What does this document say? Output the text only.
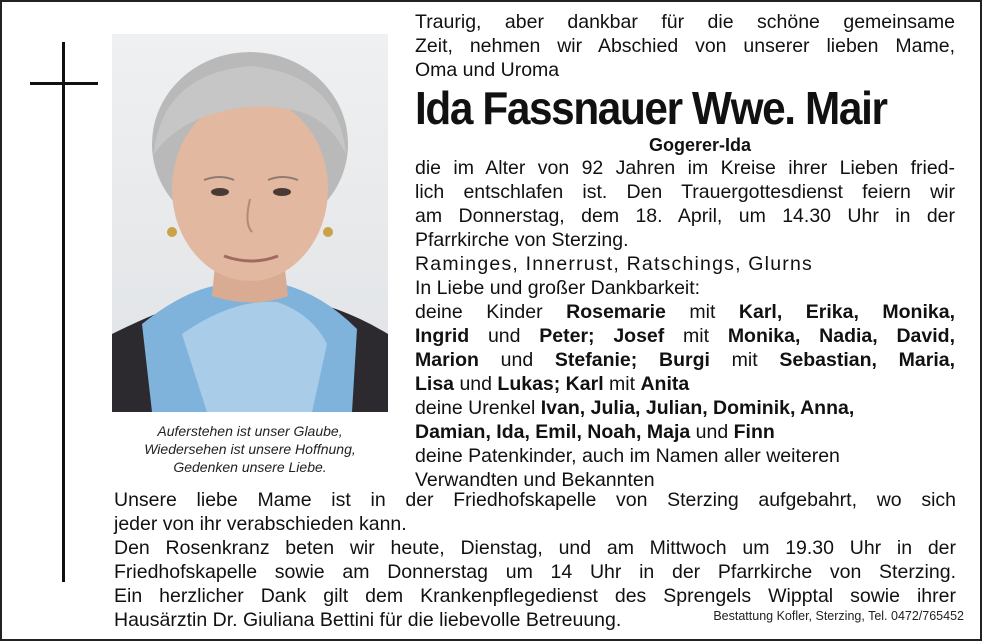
Auferstehen ist unser Glaube,
Wiedersehen ist unsere Hoffnung,
Gedenken unsere Liebe.
Traurig, aber dankbar für die schöne gemeinsame
Zeit, nehmen wir Abschied von unserer lieben Mame,
Oma und Uroma
Ida Fassnauer Wwe. Mair
Gogerer-Ida
die im Alter von 92 Jahren im Kreise ihrer Lieben fried-
lich entschlafen ist. Den Trauergottesdienst feiern wir
am Donnerstag, dem 18. April, um 14.30 Uhr in der
Pfarrkirche von Sterzing.
Raminges, Innerrust, Ratschings, Glurns
In Liebe und großer Dankbarkeit:
deine Kinder Rosemarie mit Karl, Erika, Monika,
Ingrid und Peter; Josef mit Monika, Nadia, David,
Marion und Stefanie; Burgi mit Sebastian, Maria,
Lisa und Lukas; Karl mit Anita
deine Urenkel Ivan, Julia, Julian, Dominik, Anna,
Damian, Ida, Emil, Noah, Maja und Finn
deine Patenkinder, auch im Namen aller weiteren
Verwandten und Bekannten
Unsere liebe Mame ist in der Friedhofskapelle von Sterzing aufgebahrt, wo sich
jeder von ihr verabschieden kann.
Den Rosenkranz beten wir heute, Dienstag, und am Mittwoch um 19.30 Uhr in der
Friedhofskapelle sowie am Donnerstag um 14 Uhr in der Pfarrkirche von Sterzing.
Ein herzlicher Dank gilt dem Krankenpflegedienst des Sprengels Wipptal sowie ihrer
Hausärztin Dr. Giuliana Bettini für die liebevolle Betreuung.	Bestattung Kofler, Sterzing, Tel. 0472/765452
